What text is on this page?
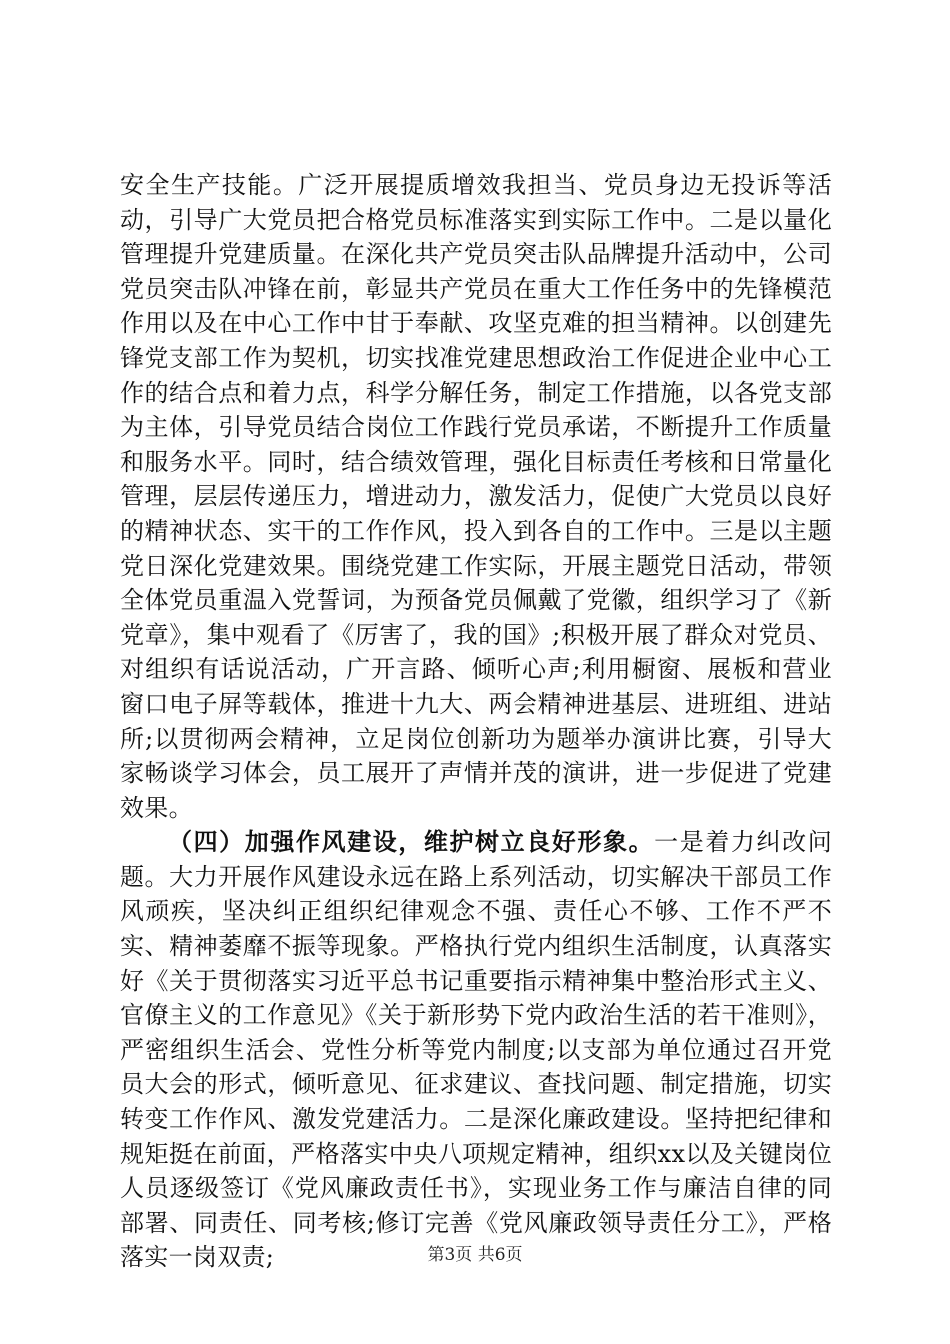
安全生产技能。广泛开展提质增效我担当、党员身边无投诉等活动，引导广大党员把合格党员标准落实到实际工作中。二是以量化管理提升党建质量。在深化共产党员突击队品牌提升活动中，公司党员突击队冲锋在前，彰显共产党员在重大工作任务中的先锋模范作用以及在中心工作中甘于奉献、攻坚克难的担当精神。以创建先锋党支部工作为契机，切实找准党建思想政治工作促进企业中心工作的结合点和着力点，科学分解任务，制定工作措施，以各党支部为主体，引导党员结合岗位工作践行党员承诺，不断提升工作质量和服务水平。同时，结合绩效管理，强化目标责任考核和日常量化管理，层层传递压力，增进动力，激发活力，促使广大党员以良好的精神状态、实干的工作作风，投入到各自的工作中。三是以主题党日深化党建效果。围绕党建工作实际，开展主题党日活动，带领全体党员重温入党誓词，为预备党员佩戴了党徽，组织学习了《新党章》，集中观看了《厉害了，我的国》;积极开展了群众对党员、对组织有话说活动，广开言路、倾听心声;利用橱窗、展板和营业窗口电子屏等载体，推进十九大、两会精神进基层、进班组、进站所;以贯彻两会精神，立足岗位创新功为题举办演讲比赛，引导大家畅谈学习体会，员工展开了声情并茂的演讲，进一步促进了党建效果。

（四）加强作风建设，维护树立良好形象。一是着力纠改问题。大力开展作风建设永远在路上系列活动，切实解决干部员工作风顽疾，坚决纠正组织纪律观念不强、责任心不够、工作不严不实、精神萎靡不振等现象。严格执行党内组织生活制度，认真落实好《关于贯彻落实习近平总书记重要指示精神集中整治形式主义、官僚主义的工作意见》《关于新形势下党内政治生活的若干准则》，严密组织生活会、党性分析等党内制度;以支部为单位通过召开党员大会的形式，倾听意见、征求建议、查找问题、制定措施，切实转变工作作风、激发党建活力。二是深化廉政建设。坚持把纪律和规矩挺在前面，严格落实中央八项规定精神，组织xx以及关键岗位人员逐级签订《党风廉政责任书》，实现业务工作与廉洁自律的同部署、同责任、同考核;修订完善《党风廉政领导责任分工》，严格落实一岗双责;	第3页 共6页
